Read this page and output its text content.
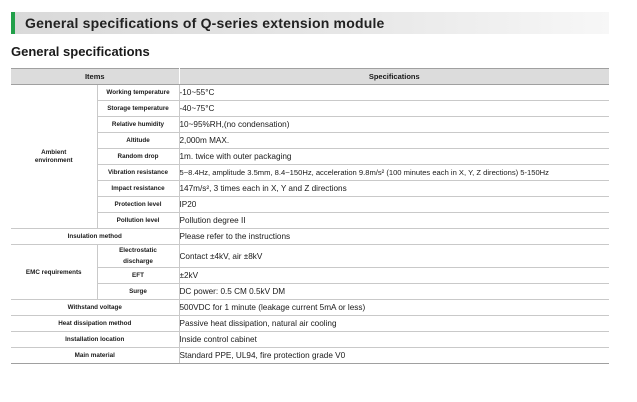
General specifications of Q-series extension module
General specifications
Items		Specifications
Ambient environment	Working temperature	-10~55°C
	Storage temperature	-40~75°C
	Relative humidity	10~95%RH,(no condensation)
	Altitude	2,000m MAX.
	Random drop	1m. twice with outer packaging
	Vibration resistance	5~8.4Hz, amplitude 3.5mm, 8.4~150Hz, acceleration 9.8m/s² (100 minutes each in X, Y, Z directions) 5-150Hz
	Impact resistance	147m/s², 3 times each in X, Y and Z directions
	Protection level	IP20
	Pollution level	Pollution degree II
Insulation method		Please refer to the instructions
EMC requirements	Electrostatic discharge	Contact ±4kV, air ±8kV
	EFT	±2kV
	Surge	DC power: 0.5 CM 0.5kV DM
Withstand voltage		500VDC for 1 minute (leakage current 5mA or less)
Heat dissipation method		Passive heat dissipation, natural air cooling
Installation location		Inside control cabinet
Main material		Standard PPE, UL94, fire protection grade V0
